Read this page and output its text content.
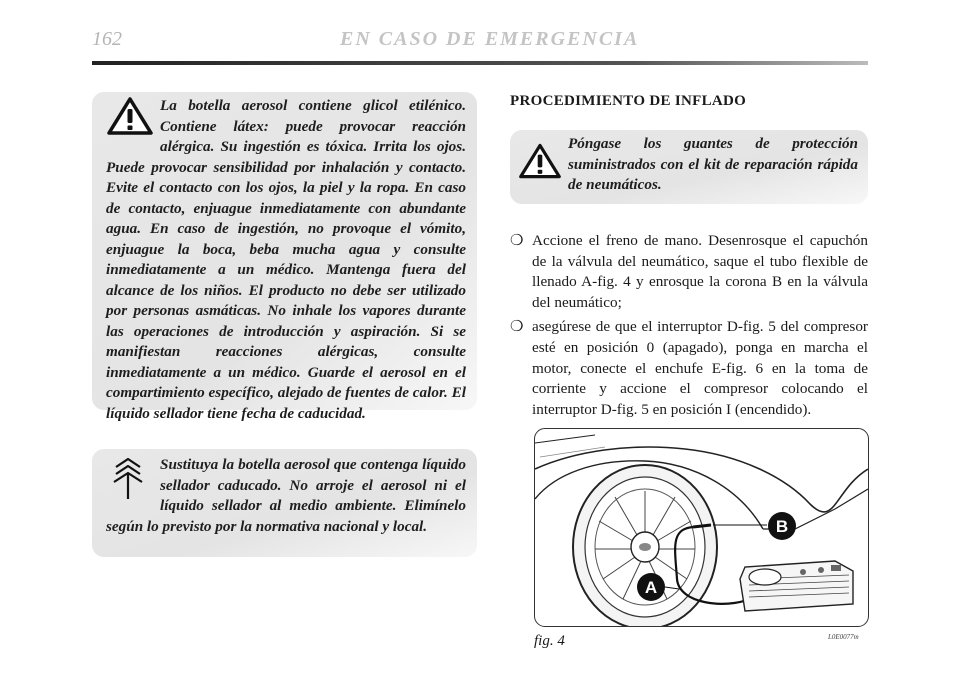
162	EN CASO DE EMERGENCIA
La botella aerosol contiene glicol etilénico. Contiene látex: puede provocar reacción alérgica. Su ingestión es tóxica. Irrita los ojos. Puede provocar sensibilidad por inhalación y contacto. Evite el contacto con los ojos, la piel y la ropa. En caso de contacto, enjuague inmediatamente con abundante agua. En caso de ingestión, no provoque el vómito, enjuague la boca, beba mucha agua y consulte inmediatamente a un médico. Mantenga fuera del alcance de los niños. El producto no debe ser utilizado por personas asmáticas. No inhale los vapores durante las operaciones de introducción y aspiración. Si se manifiestan reacciones alérgicas, consulte inmediatamente a un médico. Guarde el aerosol en el compartimiento específico, alejado de fuentes de calor. El líquido sellador tiene fecha de caducidad.
Sustituya la botella aerosol que contenga líquido sellador caducado. No arroje el aerosol ni el líquido sellador al medio ambiente. Elimínelo según lo previsto por la normativa nacional y local.
PROCEDIMIENTO DE INFLADO
Póngase los guantes de protección suministrados con el kit de reparación rápida de neumáticos.
❍ Accione el freno de mano. Desenrosque el capuchón de la válvula del neumático, saque el tubo flexible de llenado A-fig. 4 y enrosque la corona B en la válvula del neumático;
❍ asegúrese de que el interruptor D-fig. 5 del compresor esté en posición 0 (apagado), ponga en marcha el motor, conecte el enchufe E-fig. 6 en la toma de corriente y accione el compresor colocando el interruptor D-fig. 5 en posición I (encendido).
B
A
fig. 4	L0E0077m
